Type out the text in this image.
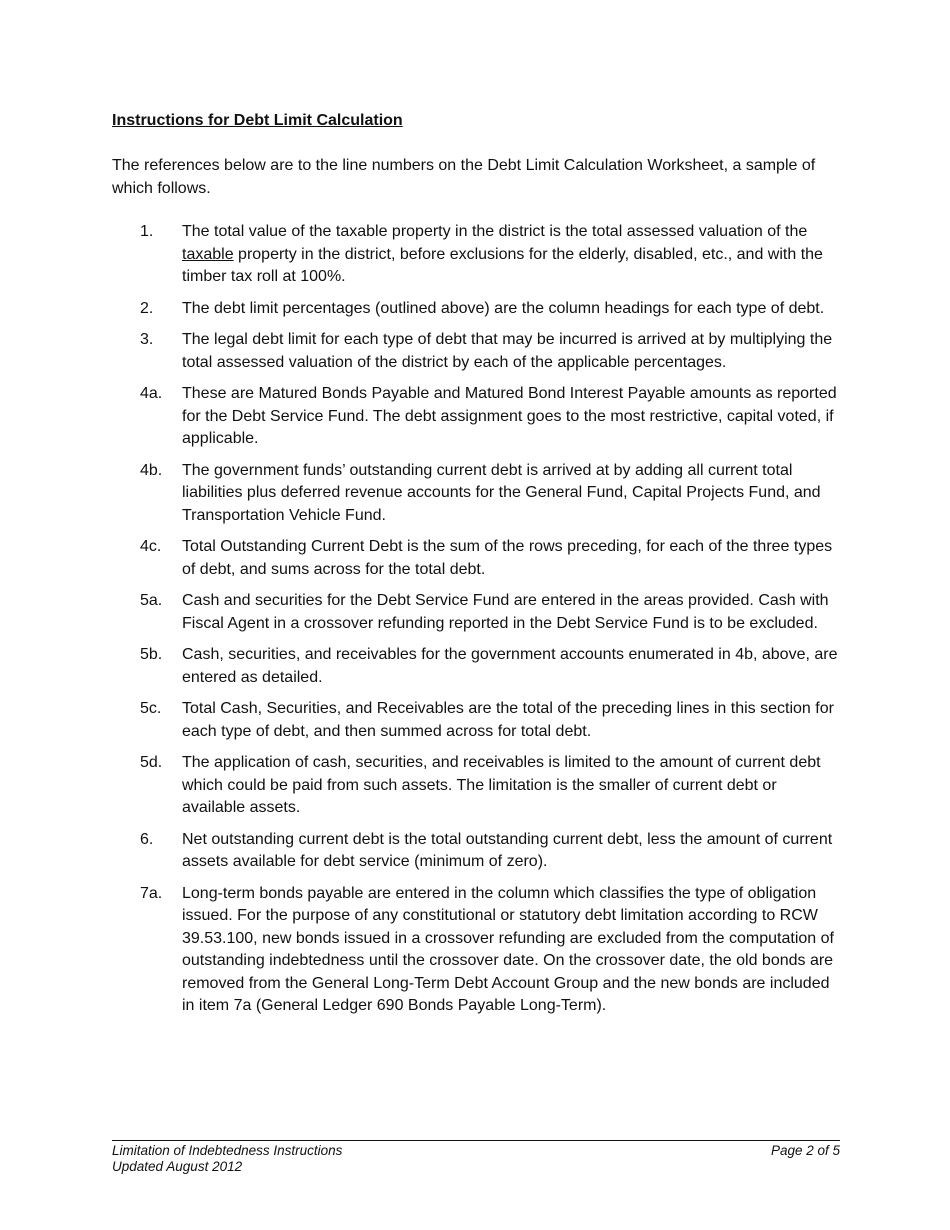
Instructions for Debt Limit Calculation
The references below are to the line numbers on the Debt Limit Calculation Worksheet, a sample of which follows.
1.	The total value of the taxable property in the district is the total assessed valuation of the taxable property in the district, before exclusions for the elderly, disabled, etc., and with the timber tax roll at 100%.
2.	The debt limit percentages (outlined above) are the column headings for each type of debt.
3.	The legal debt limit for each type of debt that may be incurred is arrived at by multiplying the total assessed valuation of the district by each of the applicable percentages.
4a.	These are Matured Bonds Payable and Matured Bond Interest Payable amounts as reported for the Debt Service Fund. The debt assignment goes to the most restrictive, capital voted, if applicable.
4b.	The government funds’ outstanding current debt is arrived at by adding all current total liabilities plus deferred revenue accounts for the General Fund, Capital Projects Fund, and Transportation Vehicle Fund.
4c.	Total Outstanding Current Debt is the sum of the rows preceding, for each of the three types of debt, and sums across for the total debt.
5a.	Cash and securities for the Debt Service Fund are entered in the areas provided. Cash with Fiscal Agent in a crossover refunding reported in the Debt Service Fund is to be excluded.
5b.	Cash, securities, and receivables for the government accounts enumerated in 4b, above, are entered as detailed.
5c.	Total Cash, Securities, and Receivables are the total of the preceding lines in this section for each type of debt, and then summed across for total debt.
5d.	The application of cash, securities, and receivables is limited to the amount of current debt which could be paid from such assets. The limitation is the smaller of current debt or available assets.
6.	Net outstanding current debt is the total outstanding current debt, less the amount of current assets available for debt service (minimum of zero).
7a.	Long-term bonds payable are entered in the column which classifies the type of obligation issued. For the purpose of any constitutional or statutory debt limitation according to RCW 39.53.100, new bonds issued in a crossover refunding are excluded from the computation of outstanding indebtedness until the crossover date. On the crossover date, the old bonds are removed from the General Long-Term Debt Account Group and the new bonds are included in item 7a (General Ledger 690 Bonds Payable Long-Term).
Limitation of Indebtedness Instructions	Page 2 of 5
Updated August 2012
